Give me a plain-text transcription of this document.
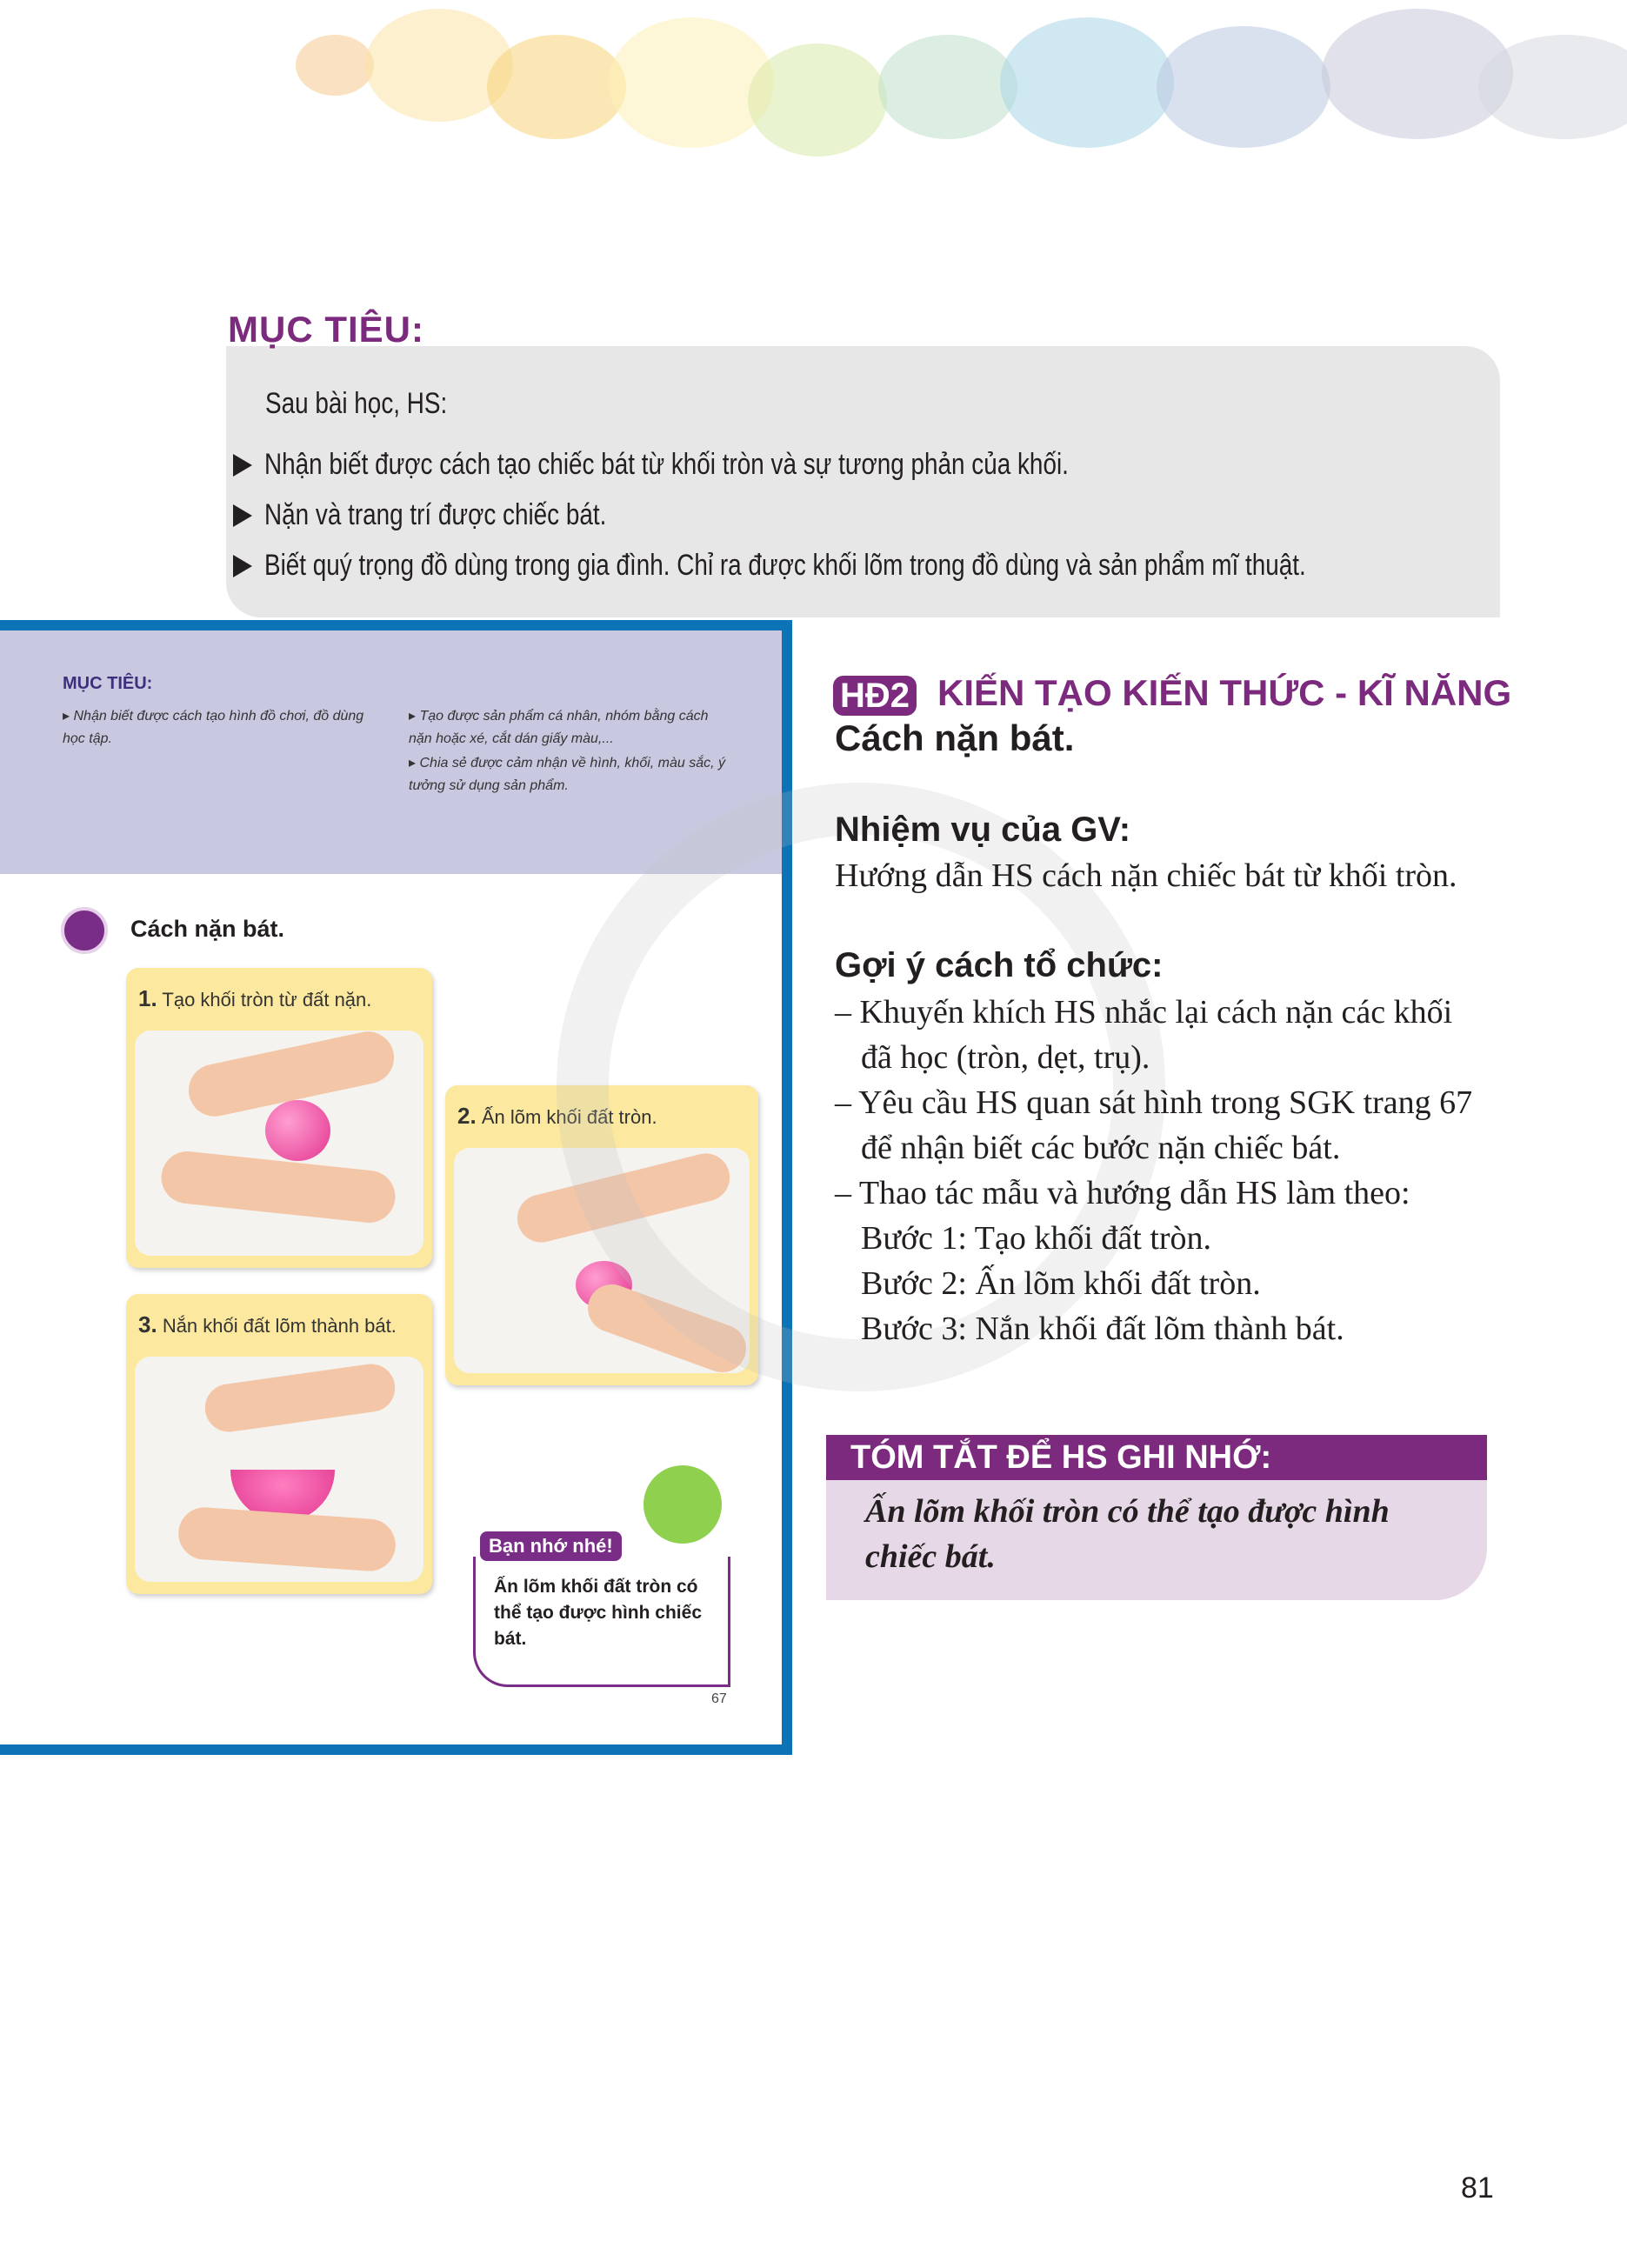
MỤC TIÊU:
Sau bài học, HS:
Nhận biết được cách tạo chiếc bát từ khối tròn và sự tương phản của khối.
Nặn và trang trí được chiếc bát.
Biết quý trọng đồ dùng trong gia đình. Chỉ ra được khối lõm trong đồ dùng và sản phẩm mĩ thuật.
MỤC TIÊU:
▸ Nhận biết được cách tạo hình đồ chơi, đồ dùng học tập.
▸ Tạo được sản phẩm cá nhân, nhóm bằng cách nặn hoặc xé, cắt dán giấy màu,...
▸ Chia sẻ được cảm nhận về hình, khối, màu sắc, ý tưởng sử dụng sản phẩm.
Cách nặn bát.
1. Tạo khối tròn từ đất nặn.
2. Ấn lõm khối đất tròn.
3. Nắn khối đất lõm thành bát.
Bạn nhớ nhé!
Ấn lõm khối đất tròn có thể tạo được hình chiếc bát.
67
HĐ2 KIẾN TẠO KIẾN THỨC - KĨ NĂNG
Cách nặn bát.
Nhiệm vụ của GV:
Hướng dẫn HS cách nặn chiếc bát từ khối tròn.
Gợi ý cách tổ chức:
– Khuyến khích HS nhắc lại cách nặn các khối
đã học (tròn, dẹt, trụ).
– Yêu cầu HS quan sát hình trong SGK trang 67
để nhận biết các bước nặn chiếc bát.
– Thao tác mẫu và hướng dẫn HS làm theo:
Bước 1: Tạo khối đất tròn.
Bước 2: Ấn lõm khối đất tròn.
Bước 3: Nắn khối đất lõm thành bát.
TÓM TẮT ĐỂ HS GHI NHỚ:
Ấn lõm khối tròn có thể tạo được hình chiếc bát.
81
